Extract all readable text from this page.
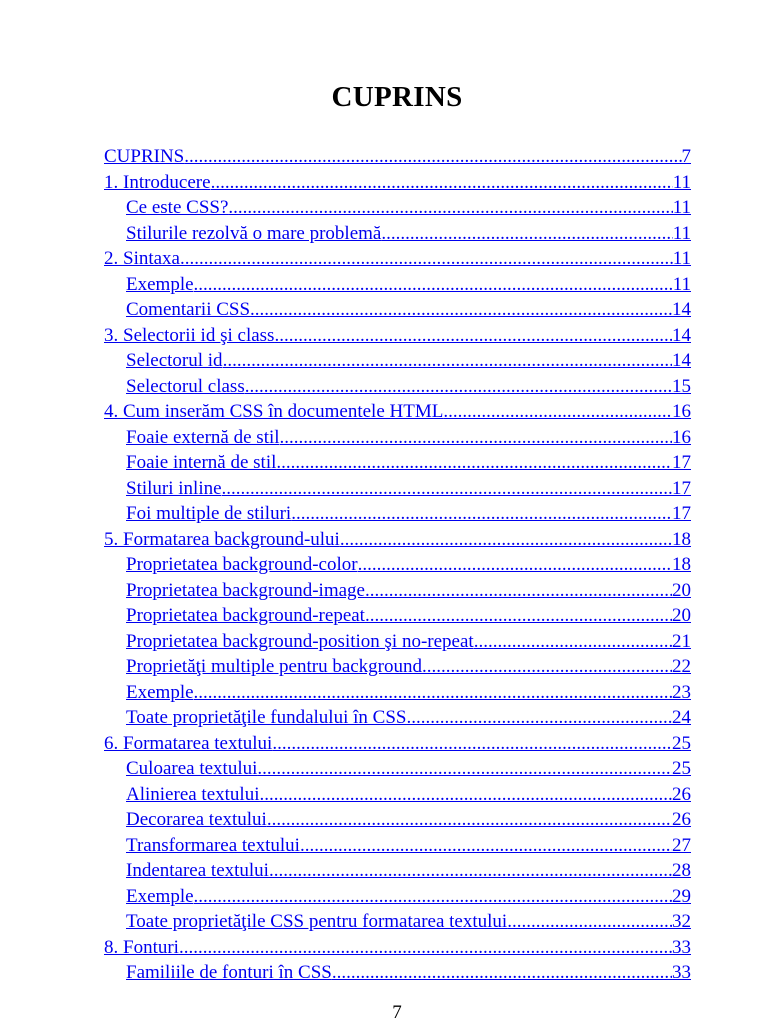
CUPRINS
CUPRINS .....	7
1. Introducere .....	11
Ce este CSS? .....	11
Stilurile rezolvă o mare problemă .....	11
2. Sintaxa .....	11
Exemple .....	11
Comentarii CSS .....	14
3. Selectorii id şi class .....	14
Selectorul id .....	14
Selectorul class .....	15
4. Cum inserăm CSS în documentele HTML .....	16
Foaie externă de stil .....	16
Foaie internă de stil .....	17
Stiluri inline .....	17
Foi multiple de stiluri .....	17
5. Formatarea background-ului .....	18
Proprietatea background-color .....	18
Proprietatea background-image .....	20
Proprietatea background-repeat .....	20
Proprietatea background-position şi no-repeat .....	21
Proprietăţi multiple pentru background .....	22
Exemple .....	23
Toate proprietăţile fundalului în CSS .....	24
6. Formatarea textului .....	25
Culoarea textului .....	25
Alinierea textului .....	26
Decorarea textului .....	26
Transformarea textului .....	27
Indentarea textului .....	28
Exemple .....	29
Toate proprietăţile CSS pentru formatarea textului .....	32
8. Fonturi .....	33
Familiile de fonturi în CSS .....	33
7
